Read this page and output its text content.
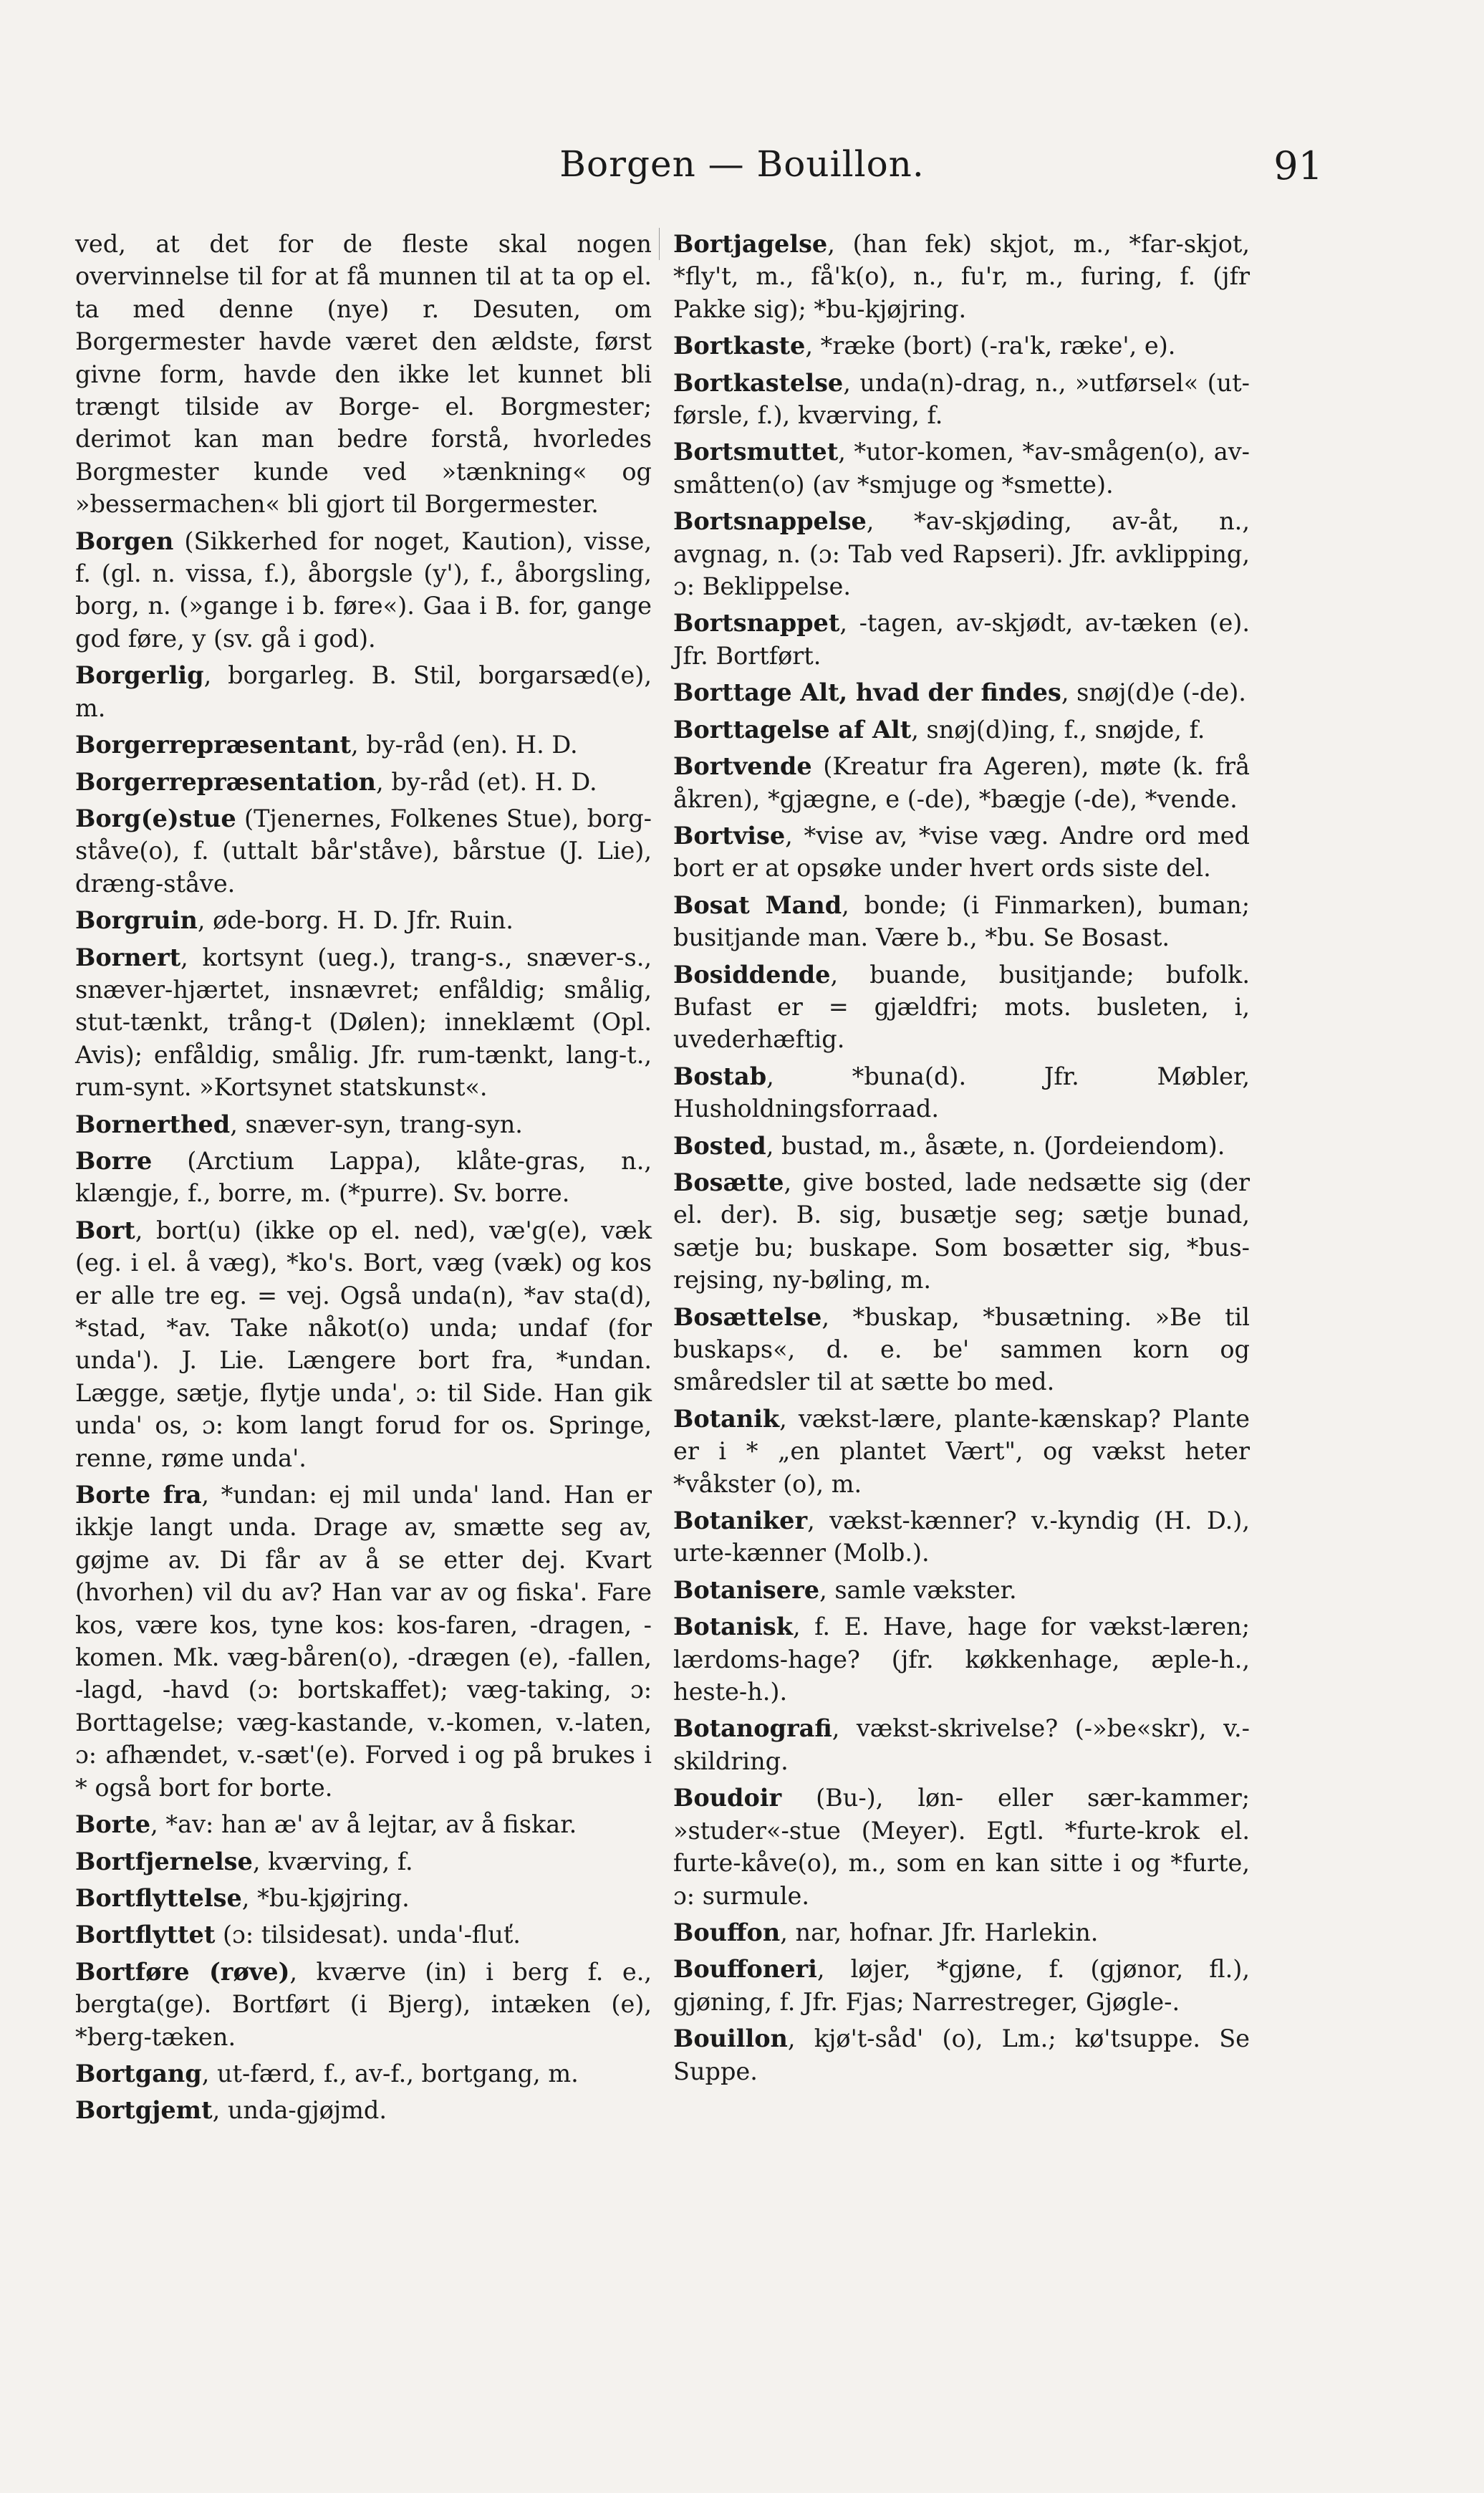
Borgen — Bouillon.	91

ved, at det for de fleste skal nogen overvinnelse til for at få munnen til at ta op el. ta med denne (nye) r. Desuten, om Borgermester havde været den ældste, først givne form, havde den ikke let kunnet bli trængt tilside av Borge- el. Borgmester; derimot kan man bedre forstå, hvorledes Borgmester kunde ved »tænkning« og »bessermachen« bli gjort til Borgermester.

Borgen (Sikkerhed for noget, Kaution), visse, f. (gl. n. vissa, f.), åborgsle (y'), f., åborgsling, borg, n. (»gange i b. føre«). Gaa i B. for, gange god føre, y (sv. gå i god).

Borgerlig, borgarleg. B. Stil, borgarsæd(e), m.

Borgerrepræsentant, by-råd (en). H. D.

Borgerrepræsentation, by-råd (et). H. D.

Borg(e)stue (Tjenernes, Folkenes Stue), borg-ståve(o), f. (uttalt bår'ståve), bårstue (J. Lie), dræng-ståve.

Borgruin, øde-borg. H. D. Jfr. Ruin.

Bornert, kortsynt (ueg.), trang-s., snæver-s., snæver-hjærtet, insnævret; enfåldig; smålig, stut-tænkt, trång-t (Dølen); inneklæmt (Opl. Avis); enfåldig, smålig. Jfr. rum-tænkt, lang-t., rum-synt. »Kortsynet statskunst«.

Bornerthed, snæver-syn, trang-syn.

Borre (Arctium Lappa), klåte-gras, n., klængje, f., borre, m. (*purre). Sv. borre.

Bort, bort(u) (ikke op el. ned), væ'g(e), væk (eg. i el. å væg), *ko's. Bort, væg (væk) og kos er alle tre eg. = vej. Også unda(n), *av sta(d), *stad, *av. Take nåkot(o) unda; undaf (for unda'). J. Lie. Længere bort fra, *undan. Lægge, sætje, flytje unda', ɔ: til Side. Han gik unda' os, ɔ: kom langt forud for os. Springe, renne, røme unda'.

Borte fra, *undan: ej mil unda' land. Han er ikkje langt unda. Drage av, smætte seg av, gøjme av. Di får av å se etter dej. Kvart (hvorhen) vil du av? Han var av og fiska'. Fare kos, være kos, tyne kos: kos-faren, -dragen, -komen. Mk. væg-båren(o), -drægen (e), -fallen, -lagd, -havd (ɔ: bortskaffet); væg-taking, ɔ: Borttagelse; væg-kastande, v.-komen, v.-laten, ɔ: afhændet, v.-sæt'(e). Forved i og på brukes i * også bort for borte.

Borte, *av: han æ' av å lejtar, av å fiskar.

Bortfjernelse, kværving, f.

Bortflyttelse, *bu-kjøjring.

Bortflyttet (ɔ: tilsidesat). unda'-fluť.

Bortføre (røve), kværve (in) i berg f. e., bergta(ge). Bortført (i Bjerg), intæken (e), *berg-tæken.

Bortgang, ut-færd, f., av-f., bortgang, m.

Bortgjemt, unda-gjøjmd.

Bortjagelse, (han fek) skjot, m., *far-skjot, *fly't, m., få'k(o), n., fu'r, m., furing, f. (jfr Pakke sig); *bu-kjøjring.

Bortkaste, *ræke (bort) (-ra'k, ræke', e).

Bortkastelse, unda(n)-drag, n., »utførsel« (ut-førsle, f.), kværving, f.

Bortsmuttet, *utor-komen, *av-smågen(o), av-småtten(o) (av *smjuge og *smette).

Bortsnappelse, *av-skjøding, av-åt, n., avgnag, n. (ɔ: Tab ved Rapseri). Jfr. avklipping, ɔ: Beklippelse.

Bortsnappet, -tagen, av-skjødt, av-tæken (e). Jfr. Bortført.

Borttage Alt, hvad der findes, snøj(d)e (-de).

Borttagelse af Alt, snøj(d)ing, f., snøjde, f.

Bortvende (Kreatur fra Ageren), møte (k. frå åkren), *gjægne, e (-de), *bægje (-de), *vende.

Bortvise, *vise av, *vise væg. Andre ord med bort er at opsøke under hvert ords siste del.

Bosat Mand, bonde; (i Finmarken), buman; busitjande man. Være b., *bu. Se Bosast.

Bosiddende, buande, busitjande; bufolk. Bufast er = gjældfri; mots. busleten, i, uvederhæftig.

Bostab, *buna(d). Jfr. Møbler, Husholdningsforraad.

Bosted, bustad, m., åsæte, n. (Jordeiendom).

Bosætte, give bosted, lade nedsætte sig (der el. der). B. sig, busætje seg; sætje bunad, sætje bu; buskape. Som bosætter sig, *bus-rejsing, ny-bøling, m.

Bosættelse, *buskap, *busætning. »Be til buskaps«, d. e. be' sammen korn og småredsler til at sætte bo med.

Botanik, vækst-lære, plante-kænskap? Plante er i * „en plantet Vært", og vækst heter *våkster (o), m.

Botaniker, vækst-kænner? v.-kyndig (H. D.), urte-kænner (Molb.).

Botanisere, samle vækster.

Botanisk, f. E. Have, hage for vækst-læren; lærdoms-hage? (jfr. køkkenhage, æple-h., heste-h.).

Botanografi, vækst-skrivelse? (-»be«skr), v.-skildring.

Boudoir (Bu-), løn- eller sær-kammer; »studer«-stue (Meyer). Egtl. *furte-krok el. furte-kåve(o), m., som en kan sitte i og *furte, ɔ: surmule.

Bouffon, nar, hofnar. Jfr. Harlekin.

Bouffoneri, løjer, *gjøne, f. (gjønor, fl.), gjøning, f. Jfr. Fjas; Narrestreger, Gjøgle-.

Bouillon, kjø't-såd' (o), Lm.; kø'tsuppe. Se Suppe.
